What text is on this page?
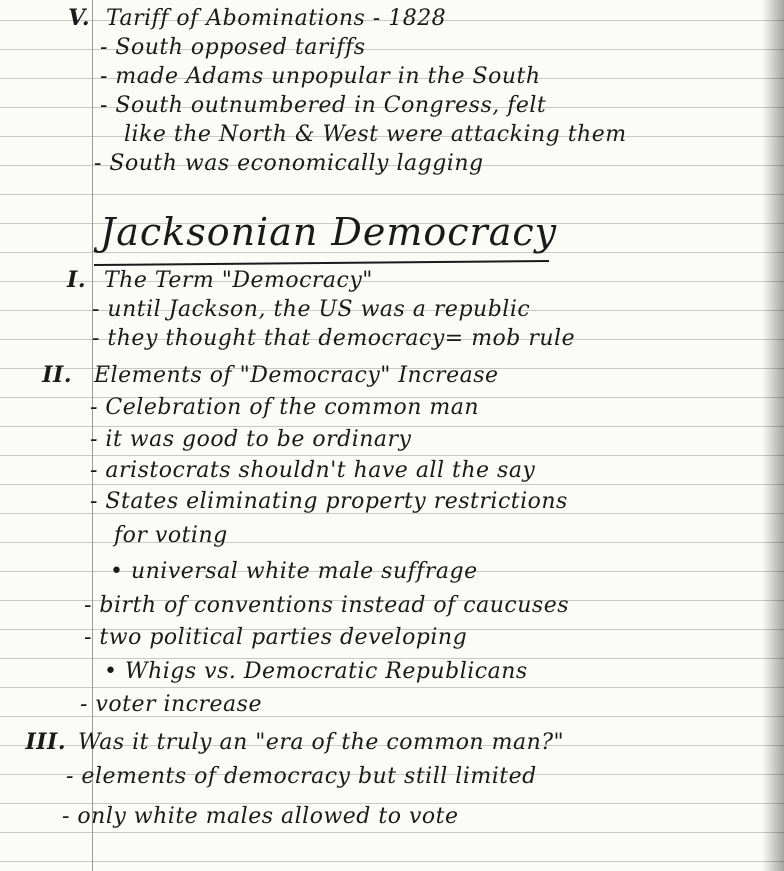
V. Tariff of Abominations - 1828
- South opposed tariffs
- made Adams unpopular in the South
- South outnumbered in Congress, felt
like the North & West were attacking them
- South was economically lagging
Jacksonian Democracy
I. The Term "Democracy"
- until Jackson, the US was a republic
- they thought that democracy= mob rule
II. Elements of "Democracy" Increase
- Celebration of the common man
- it was good to be ordinary
- aristocrats shouldn't have all the say
- States eliminating property restrictions
for voting
• universal white male suffrage
- birth of conventions instead of caucuses
- two political parties developing
• Whigs vs. Democratic Republicans
- voter increase
III. Was it truly an "era of the common man?"
- elements of democracy but still limited
- only white males allowed to vote
